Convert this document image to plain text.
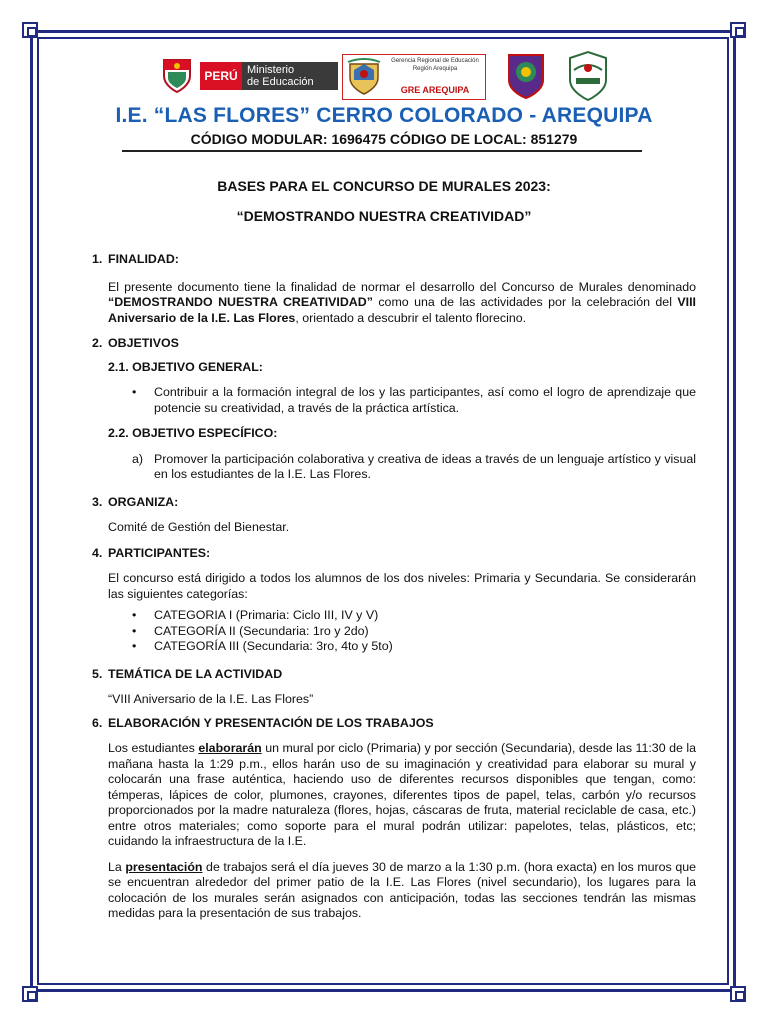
PERÚ Ministerio
de Educación
Gerencia Regional de Educación
Región Arequipa
GRE AREQUIPA
I.E. “LAS FLORES” CERRO COLORADO - AREQUIPA
CÓDIGO MODULAR: 1696475 CÓDIGO DE LOCAL: 851279
BASES PARA EL CONCURSO DE MURALES 2023:
“DEMOSTRANDO NUESTRA CREATIVIDAD”

1. FINALIDAD:

El presente documento tiene la finalidad de normar el desarrollo del Concurso de Murales denominado “DEMOSTRANDO NUESTRA CREATIVIDAD” como una de las actividades por la celebración del VIII Aniversario de la I.E. Las Flores, orientado a descubrir el talento florecino.

2. OBJETIVOS

2.1. OBJETIVO GENERAL:

• Contribuir a la formación integral de los y las participantes, así como el logro de aprendizaje que potencie su creatividad, a través de la práctica artística.

2.2. OBJETIVO ESPECÍFICO:

a) Promover la participación colaborativa y creativa de ideas a través de un lenguaje artístico y visual en los estudiantes de la I.E. Las Flores.

3. ORGANIZA:

Comité de Gestión del Bienestar.

4. PARTICIPANTES:

El concurso está dirigido a todos los alumnos de los dos niveles: Primaria y Secundaria. Se considerarán las siguientes categorías:

• CATEGORIA I (Primaria: Ciclo III, IV y V)

• CATEGORÍA II (Secundaria: 1ro y 2do)

• CATEGORÍA III (Secundaria: 3ro, 4to y 5to)

5. TEMÁTICA DE LA ACTIVIDAD

“VIII Aniversario de la I.E. Las Flores”

6. ELABORACIÓN Y PRESENTACIÓN DE LOS TRABAJOS

Los estudiantes elaborarán un mural por ciclo (Primaria) y por sección (Secundaria), desde las 11:30 de la mañana hasta la 1:29 p.m., ellos harán uso de su imaginación y creatividad para elaborar su mural y colocarán una frase auténtica, haciendo uso de diferentes recursos disponibles que tengan, como: témperas, lápices de color, plumones, crayones, diferentes tipos de papel, telas, carbón y/o recursos proporcionados por la madre naturaleza (flores, hojas, cáscaras de fruta, material reciclable de casa, etc.) entre otros materiales; como soporte para el mural podrán utilizar: papelotes, telas, plásticos, etc; cuidando la infraestructura de la I.E.

La presentación de trabajos será el día jueves 30 de marzo a la 1:30 p.m. (hora exacta) en los muros que se encuentran alrededor del primer patio de la I.E. Las Flores (nivel secundario), los lugares para la colocación de los murales serán asignados con anticipación, todas las secciones tendrán las mismas medidas para la presentación de sus trabajos.
